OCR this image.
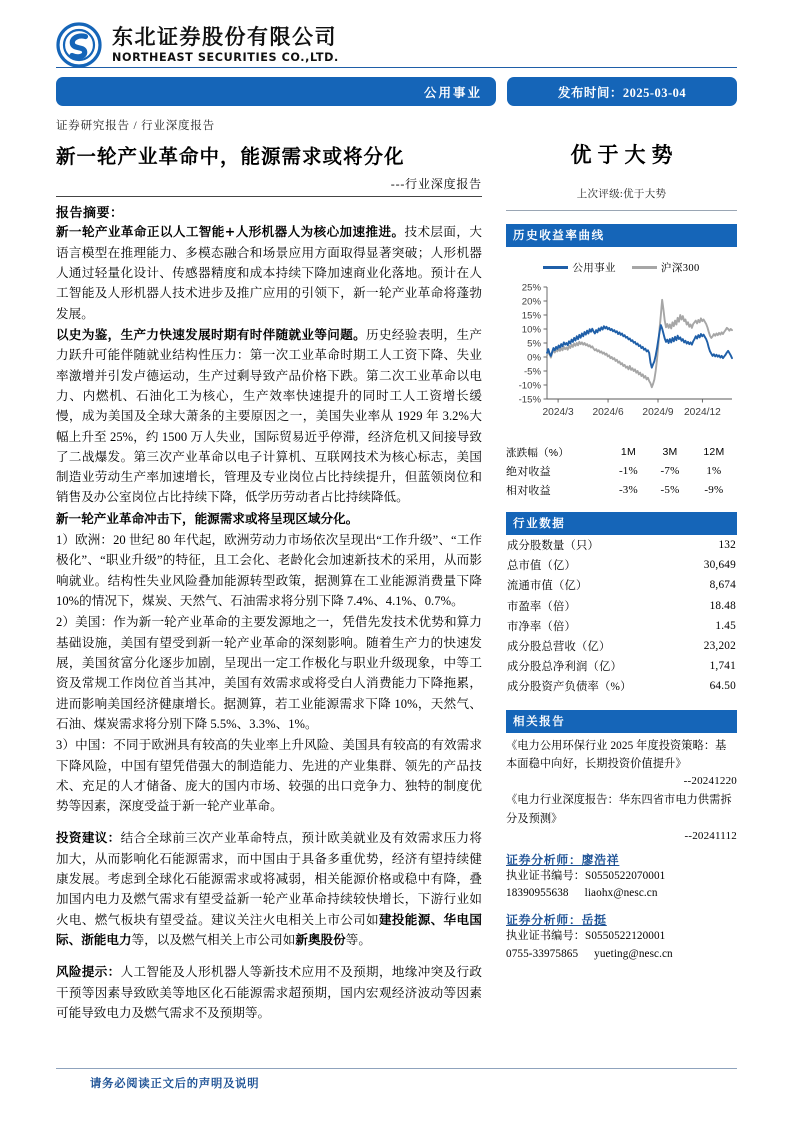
东北证券股份有限公司
NORTHEAST SECURITIES CO.,LTD.
公用事业	发布时间：2025-03-04
证券研究报告 / 行业深度报告
新一轮产业革命中，能源需求或将分化
---行业深度报告
报告摘要：

新一轮产业革命正以人工智能+人形机器人为核心加速推进。技术层面，大语言模型在推理能力、多模态融合和场景应用方面取得显著突破；人形机器人通过轻量化设计、传感器精度和成本持续下降加速商业化落地。预计在人工智能及人形机器人技术进步及推广应用的引领下，新一轮产业革命将蓬勃发展。

以史为鉴，生产力快速发展时期有时伴随就业等问题。历史经验表明，生产力跃升可能伴随就业结构性压力：第一次工业革命时期工人工资下降、失业率激增并引发卢德运动，生产过剩导致产品价格下跌。第二次工业革命以电力、内燃机、石油化工为核心，生产效率快速提升的同时工人工资增长缓慢，成为美国及全球大萧条的主要原因之一，美国失业率从 1929 年 3.2%大幅上升至 25%，约 1500 万人失业，国际贸易近乎停滞，经济危机又间接导致了二战爆发。第三次产业革命以电子计算机、互联网技术为核心标志，美国制造业劳动生产率加速增长，管理及专业岗位占比持续提升，但蓝领岗位和销售及办公室岗位占比持续下降，低学历劳动者占比持续降低。

新一轮产业革命冲击下，能源需求或将呈现区域分化。

1）欧洲：20 世纪 80 年代起，欧洲劳动力市场依次呈现出“工作升级”、“工作极化”、“职业升级”的特征，且工会化、老龄化会加速新技术的采用，从而影响就业。结构性失业风险叠加能源转型政策，据测算在工业能源消费量下降 10%的情况下，煤炭、天然气、石油需求将分别下降 7.4%、4.1%、0.7%。

2）美国：作为新一轮产业革命的主要发源地之一，凭借先发技术优势和算力基础设施，美国有望受到新一轮产业革命的深刻影响。随着生产力的快速发展，美国贫富分化逐步加剧，呈现出一定工作极化与职业升级现象，中等工资及常规工作岗位首当其冲，美国有效需求或将受白人消费能力下降拖累，进而影响美国经济健康增长。据测算，若工业能源需求下降 10%，天然气、石油、煤炭需求将分别下降 5.5%、3.3%、1%。

3）中国：不同于欧洲具有较高的失业率上升风险、美国具有较高的有效需求下降风险，中国有望凭借强大的制造能力、先进的产业集群、领先的产品技术、充足的人才储备、庞大的国内市场、较强的出口竞争力、独特的制度优势等因素，深度受益于新一轮产业革命。

投资建议：结合全球前三次产业革命特点，预计欧美就业及有效需求压力将加大，从而影响化石能源需求，而中国由于具备多重优势，经济有望持续健康发展。考虑到全球化石能源需求或将减弱，相关能源价格或稳中有降，叠加国内电力及燃气需求有望受益新一轮产业革命持续较快增长，下游行业如火电、燃气板块有望受益。建议关注火电相关上市公司如建投能源、华电国际、浙能电力等，以及燃气相关上市公司如新奥股份等。

风险提示：人工智能及人形机器人等新技术应用不及预期，地缘冲突及行政干预等因素导致欧美等地区化石能源需求超预期，国内宏观经济波动等因素可能导致电力及燃气需求不及预期等。

优于大势
上次评级:优于大势
历史收益率曲线
公用事业	沪深300
25%
20%
15%
10%
5%
0%
-5%
-10%
-15%
2024/3 2024/6 2024/9 2024/12
涨跌幅（%）	1M	3M	12M
绝对收益	-1%	-7%	1%
相对收益	-3%	-5%	-9%
行业数据
成分股数量（只）	132
总市值（亿）	30,649
流通市值（亿）	8,674
市盈率（倍）	18.48
市净率（倍）	1.45
成分股总营收（亿）	23,202
成分股总净利润（亿）	1,741
成分股资产负债率（%）	64.50
相关报告
《电力公用环保行业 2025 年度投资策略：基本面稳中向好，长期投资价值提升》
--20241220
《电力行业深度报告：华东四省市电力供需拆分及预测》
--20241112
证券分析师：廖浩祥
执业证书编号：S0550522070001
18390955638 liaohx@nesc.cn
证券分析师：岳挺
执业证书编号：S0550522120001
0755-33975865 yueting@nesc.cn
请务必阅读正文后的声明及说明
